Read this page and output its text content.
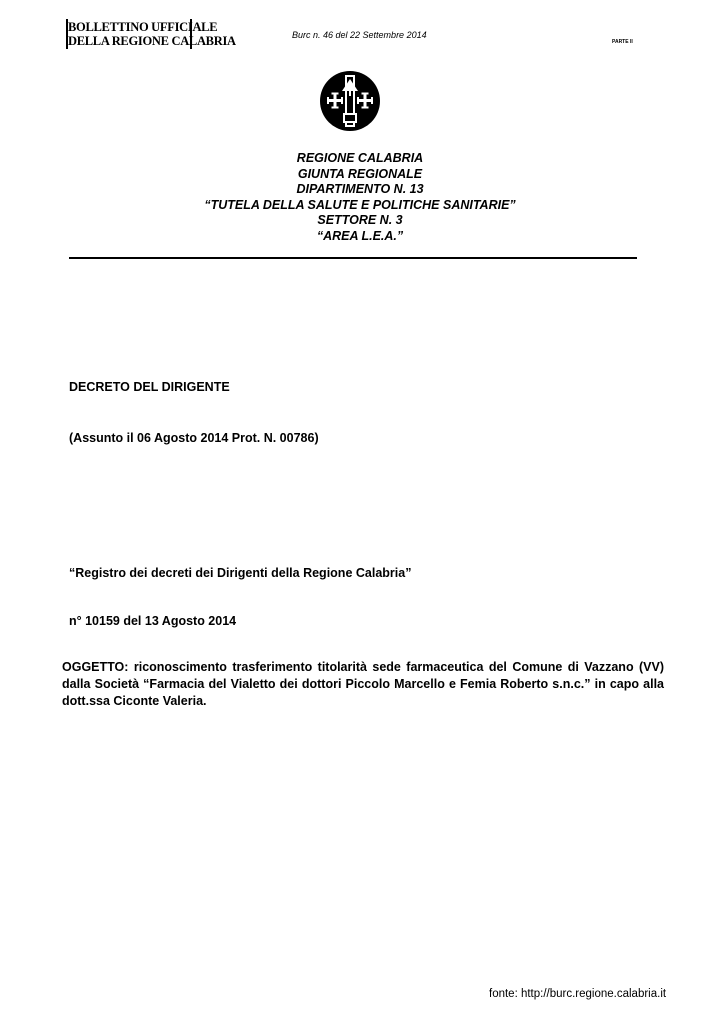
BOLLETTINO UFFICIALE
DELLA REGIONE CALABRIA	Burc n. 46 del 22 Settembre 2014
PARTE II
REGIONE CALABRIA
GIUNTA REGIONALE
DIPARTIMENTO N. 13
“TUTELA DELLA SALUTE E POLITICHE SANITARIE”
SETTORE N. 3
“AREA L.E.A.”
DECRETO DEL DIRIGENTE
(Assunto il 06 Agosto 2014 Prot. N. 00786)
“Registro dei decreti dei Dirigenti della Regione Calabria”
n° 10159 del 13 Agosto 2014
OGGETTO: riconoscimento trasferimento titolarità sede farmaceutica del Comune di Vazzano (VV) dalla Società “Farmacia del Vialetto dei dottori Piccolo Marcello e Femia Roberto s.n.c.” in capo alla dott.ssa Ciconte Valeria.
fonte: http://burc.regione.calabria.it
